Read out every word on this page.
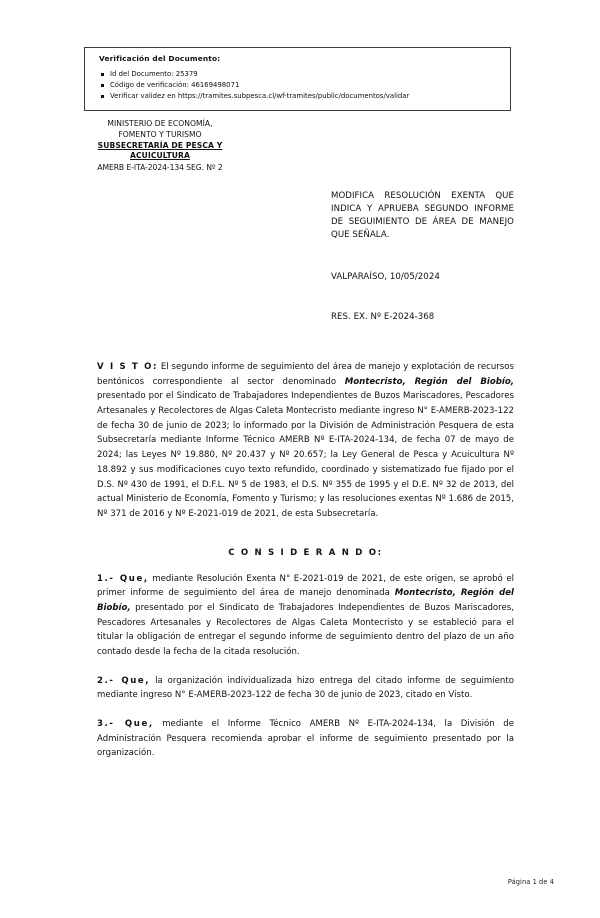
Verificación del Documento:
Id del Documento: 25379
Código de verificación: 46169498071
Verificar validez en https://tramites.subpesca.cl/wf-tramites/public/documentos/validar
MINISTERIO DE ECONOMÍA,
FOMENTO Y TURISMO
SUBSECRETARÍA DE PESCA Y
ACUICULTURA
AMERB E-ITA-2024-134 SEG. Nº 2
MODIFICA RESOLUCIÓN EXENTA QUE INDICA Y APRUEBA SEGUNDO INFORME DE SEGUIMIENTO DE ÁREA DE MANEJO QUE SEÑALA.
VALPARAÍSO, 10/05/2024
RES. EX. Nº E-2024-368

V I S T O: El segundo informe de seguimiento del área de manejo y explotación de recursos bentónicos correspondiente al sector denominado Montecristo, Región del Biobío, presentado por el Sindicato de Trabajadores Independientes de Buzos Mariscadores, Pescadores Artesanales y Recolectores de Algas Caleta Montecristo mediante ingreso N° E-AMERB-2023-122 de fecha 30 de junio de 2023; lo informado por la División de Administración Pesquera de esta Subsecretaría mediante Informe Técnico AMERB Nº E-ITA-2024-134, de fecha 07 de mayo de 2024; las Leyes Nº 19.880, Nº 20.437 y Nº 20.657; la Ley General de Pesca y Acuicultura Nº 18.892 y sus modificaciones cuyo texto refundido, coordinado y sistematizado fue fijado por el D.S. Nº 430 de 1991, el D.F.L. Nº 5 de 1983, el D.S. Nº 355 de 1995 y el D.E. Nº 32 de 2013, del actual Ministerio de Economía, Fomento y Turismo; y las resoluciones exentas Nº 1.686 de 2015, Nº 371 de 2016 y Nº E-2021-019 de 2021, de esta Subsecretaría.

C O N S I D E R A N D O:

1.- Que, mediante Resolución Exenta N° E-2021-019 de 2021, de este origen, se aprobó el primer informe de seguimiento del área de manejo denominada Montecristo, Región del Biobío, presentado por el Sindicato de Trabajadores Independientes de Buzos Mariscadores, Pescadores Artesanales y Recolectores de Algas Caleta Montecristo y se estableció para el titular la obligación de entregar el segundo informe de seguimiento dentro del plazo de un año contado desde la fecha de la citada resolución.

2.- Que, la organización individualizada hizo entrega del citado informe de seguimiento mediante ingreso N° E-AMERB-2023-122 de fecha 30 de junio de 2023, citado en Visto.

3.- Que, mediante el Informe Técnico AMERB Nº E-ITA-2024-134, la División de Administración Pesquera recomienda aprobar el informe de seguimiento presentado por la organización.

Página 1 de 4
